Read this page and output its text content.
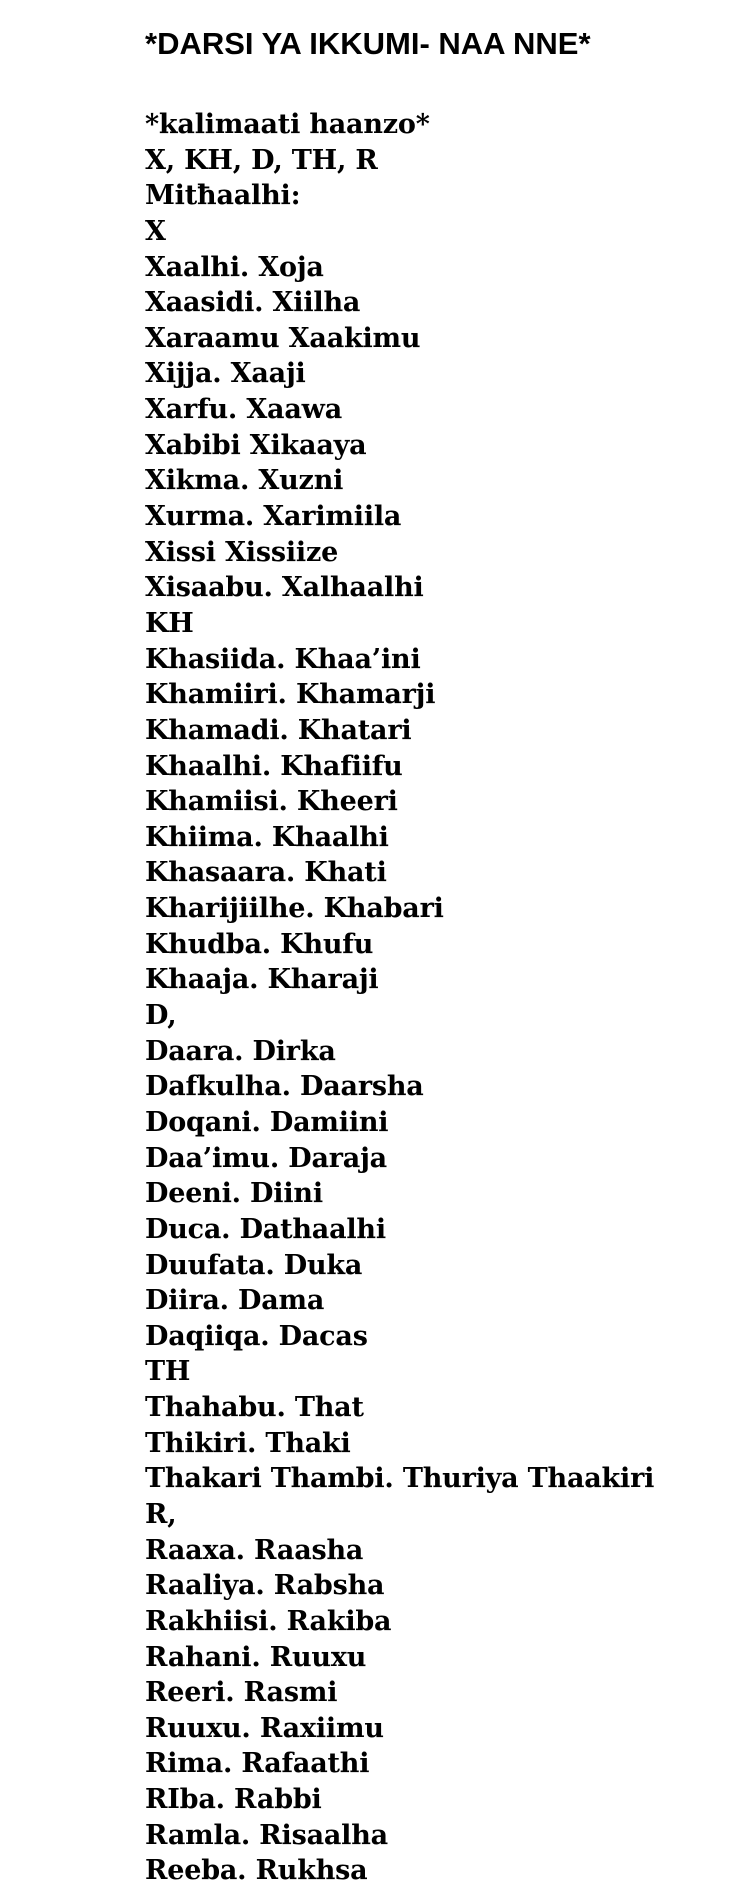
*DARSI YA IKKUMI- NAA NNE*
*kalimaati haanzo*
X, KH, D, TH, R
Mitħaalhi:
X
Xaalhi. Xoja
Xaasidi. Xiilha
Xaraamu Xaakimu
Xijja. Xaaji
Xarfu. Xaawa
Xabibi Xikaaya
Xikma. Xuzni
Xurma. Xarimiila
Xissi Xissiize
Xisaabu. Xalhaalhi
KH
Khasiida. Khaa’ini
Khamiiri. Khamarji
Khamadi. Khatari
Khaalhi. Khafiifu
Khamiisi. Kheeri
Khiima. Khaalhi
Khasaara. Khati
Kharijiilhe. Khabari
Khudba. Khufu
Khaaja. Kharaji
D,
Daara. Dirka
Dafkulha. Daarsha
Doqani. Damiini
Daa’imu. Daraja
Deeni. Diini
Duca. Dathaalhi
Duufata. Duka
Diira. Dama
Daqiiqa. Dacas
TH
Thahabu. That
Thikiri. Thaki
Thakari Thambi. Thuriya Thaakiri
R,
Raaxa. Raasha
Raaliya. Rabsha
Rakhiisi. Rakiba
Rahani. Ruuxu
Reeri. Rasmi
Ruuxu. Raxiimu
Rima. Rafaathi
RIba. Rabbi
Ramla. Risaalha
Reeba. Rukhsa
